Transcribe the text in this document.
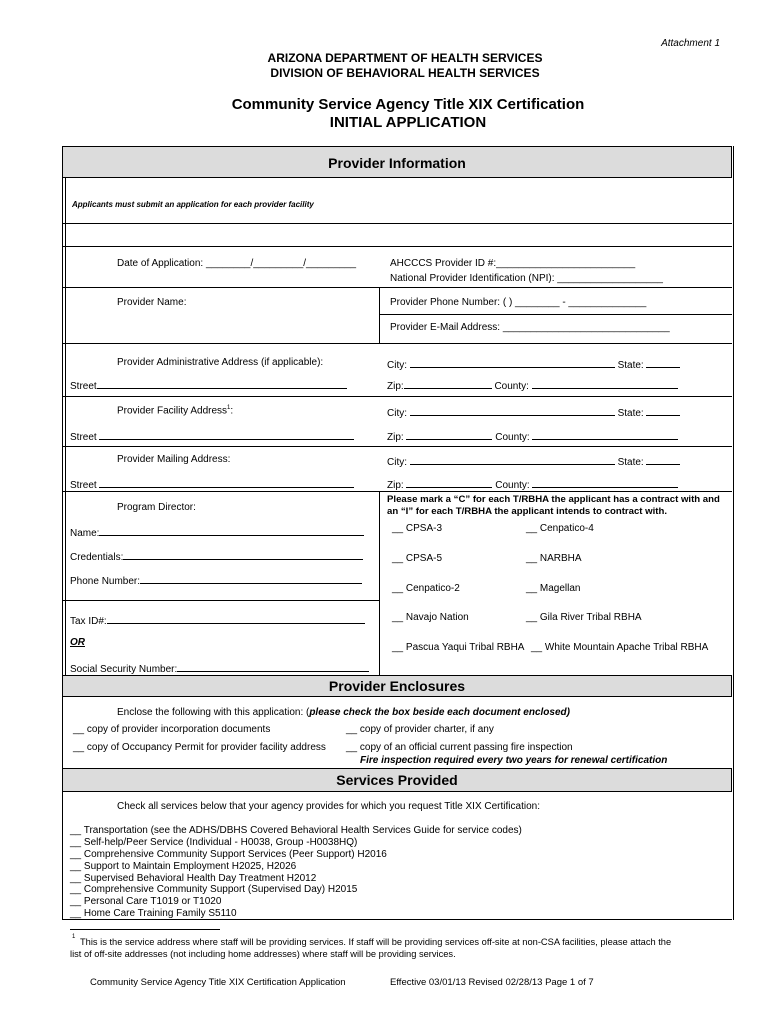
Attachment 1
ARIZONA DEPARTMENT OF HEALTH SERVICES
DIVISION OF BEHAVIORAL HEALTH SERVICES
Community Service Agency Title XIX Certification
INITIAL APPLICATION
Provider Information
Applicants must submit an application for each provider facility
Date of Application: ________/_________/_________	AHCCCS Provider ID #:_________________________
National Provider Identification (NPI): ___________________
Provider Name:	Provider Phone Number: ( ) ________ - ______________
Provider E-Mail Address: ______________________________
Provider Administrative Address (if applicable):	City:	State:
Street	Zip:	County:
Provider Facility Address$^1$:	City:	State:
Street	Zip:	County:
Provider Mailing Address:	City:	State:
Street	Zip:	County:
Program Director:
Name:
Credentials:
Phone Number:
Tax ID#:
OR
Social Security Number:
Please mark a “C” for each T/RBHA the applicant has a contract with and
an “I” for each T/RBHA the applicant intends to contract with.
__ CPSA-3	__ Cenpatico-4
__ CPSA-5	__ NARBHA
__ Cenpatico-2	__ Magellan
__ Navajo Nation	__ Gila River Tribal RBHA
__ Pascua Yaqui Tribal RBHA __ White Mountain Apache Tribal RBHA
Provider Enclosures
Enclose the following with this application: (please check the box beside each document enclosed)
__ copy of provider incorporation documents	__ copy of provider charter, if any
__ copy of Occupancy Permit for provider facility address __ copy of an official current passing fire inspection
Fire inspection required every two years for renewal certification
Services Provided
Check all services below that your agency provides for which you request Title XIX Certification:
__ Transportation (see the ADHS/DBHS Covered Behavioral Health Services Guide for service codes)
__ Self-help/Peer Service (Individual - H0038, Group -H0038HQ)
__ Comprehensive Community Support Services (Peer Support) H2016
__ Support to Maintain Employment H2025, H2026
__ Supervised Behavioral Health Day Treatment H2012
__ Comprehensive Community Support (Supervised Day) H2015
__ Personal Care T1019 or T1020
__ Home Care Training Family S5110
1 This is the service address where staff will be providing services. If staff will be providing services off-site at non-CSA facilities, please attach the
list of off-site addresses (not including home addresses) where staff will be providing services.
Community Service Agency Title XIX Certification Application	Effective 03/01/13 Revised 02/28/13 Page 1 of 7
